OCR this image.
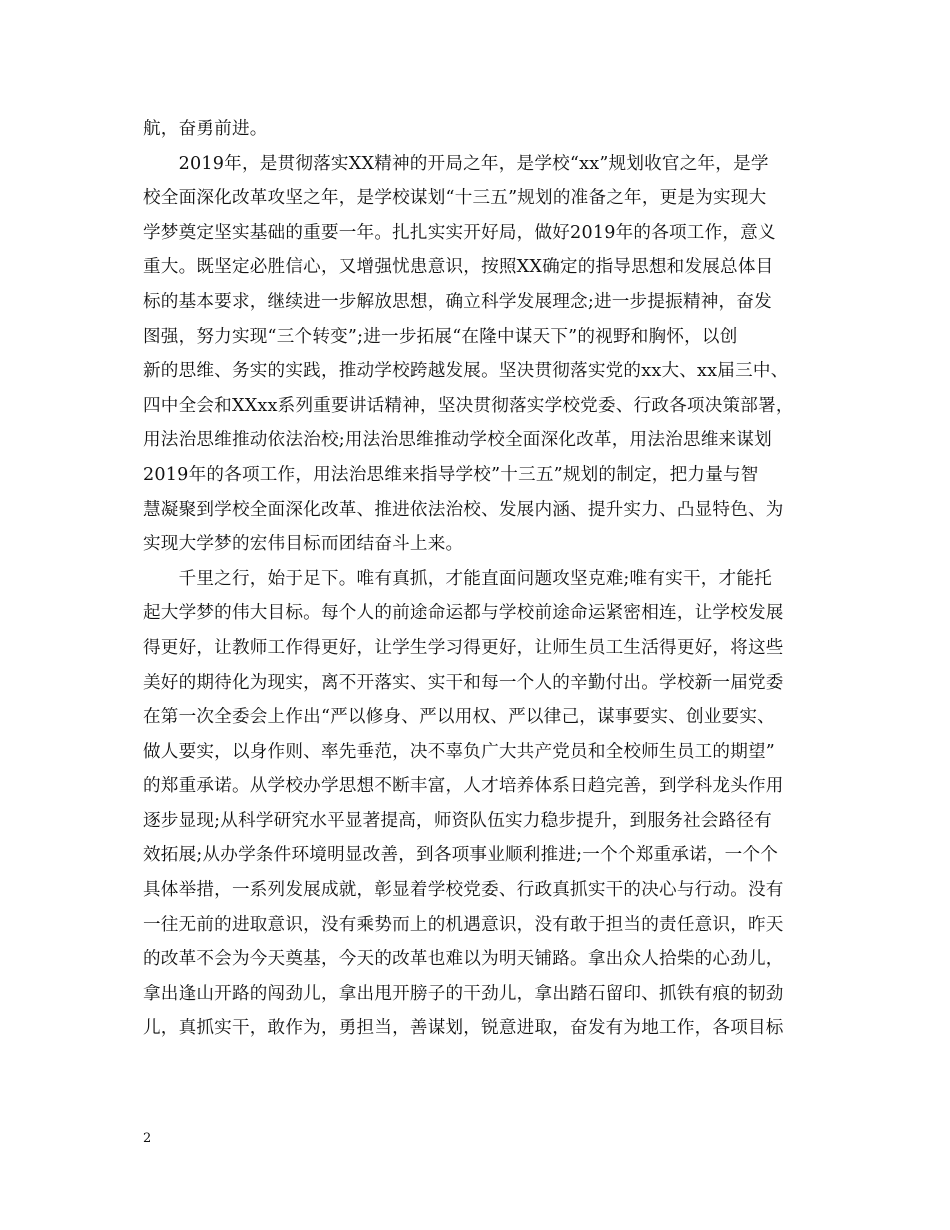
航，奋勇前进。
　　2019年，是贯彻落实XX精神的开局之年，是学校“xx”规划收官之年，是学
校全面深化改革攻坚之年，是学校谋划“十三五”规划的准备之年，更是为实现大
学梦奠定坚实基础的重要一年。扎扎实实开好局，做好2019年的各项工作，意义
重大。既坚定必胜信心，又增强忧患意识，按照XX确定的指导思想和发展总体目
标的基本要求，继续进一步解放思想，确立科学发展理念;进一步提振精神，奋发
图强，努力实现“三个转变”;进一步拓展“在隆中谋天下”的视野和胸怀，以创
新的思维、务实的实践，推动学校跨越发展。坚决贯彻落实党的xx大、xx届三中、
四中全会和XXxx系列重要讲话精神，坚决贯彻落实学校党委、行政各项决策部署，
用法治思维推动依法治校;用法治思维推动学校全面深化改革，用法治思维来谋划
2019年的各项工作，用法治思维来指导学校”十三五”规划的制定，把力量与智
慧凝聚到学校全面深化改革、推进依法治校、发展内涵、提升实力、凸显特色、为
实现大学梦的宏伟目标而团结奋斗上来。
　　千里之行，始于足下。唯有真抓，才能直面问题攻坚克难;唯有实干，才能托
起大学梦的伟大目标。每个人的前途命运都与学校前途命运紧密相连，让学校发展
得更好，让教师工作得更好，让学生学习得更好，让师生员工生活得更好，将这些
美好的期待化为现实，离不开落实、实干和每一个人的辛勤付出。学校新一届党委
在第一次全委会上作出“严以修身、严以用权、严以律己，谋事要实、创业要实、
做人要实，以身作则、率先垂范，决不辜负广大共产党员和全校师生员工的期望”
的郑重承诺。从学校办学思想不断丰富，人才培养体系日趋完善，到学科龙头作用
逐步显现;从科学研究水平显著提高，师资队伍实力稳步提升，到服务社会路径有
效拓展;从办学条件环境明显改善，到各项事业顺利推进;一个个郑重承诺，一个个
具体举措，一系列发展成就，彰显着学校党委、行政真抓实干的决心与行动。没有
一往无前的进取意识，没有乘势而上的机遇意识，没有敢于担当的责任意识，昨天
的改革不会为今天奠基，今天的改革也难以为明天铺路。拿出众人拾柴的心劲儿，
拿出逢山开路的闯劲儿，拿出甩开膀子的干劲儿，拿出踏石留印、抓铁有痕的韧劲
儿，真抓实干，敢作为，勇担当，善谋划，锐意进取，奋发有为地工作，各项目标
2
